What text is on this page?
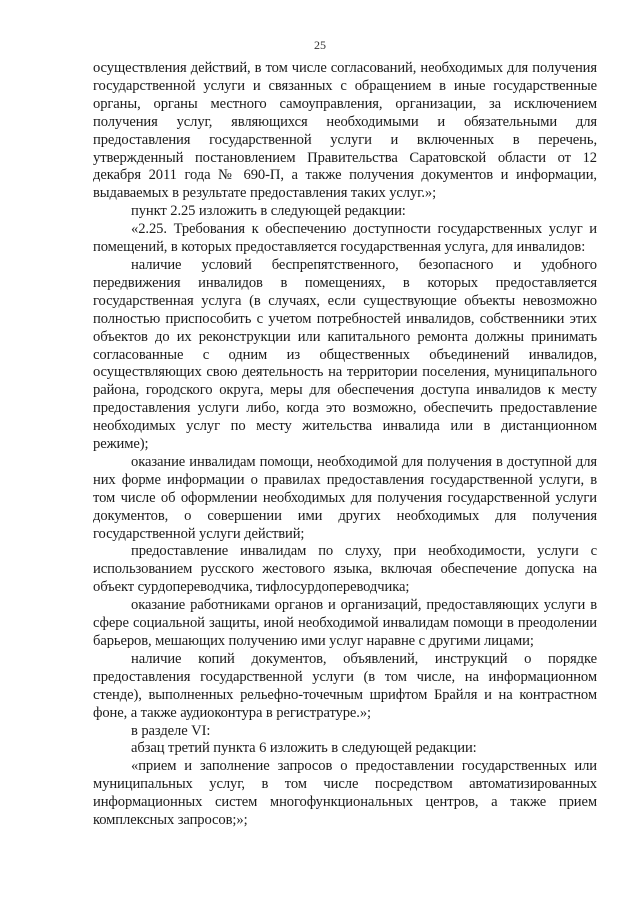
25

осуществления действий, в том числе согласований, необходимых для получения государственной услуги и связанных с обращением в иные государственные органы, органы местного самоуправления, организации, за исключением получения услуг, являющихся необходимыми и обязательными для предоставления государственной услуги и включенных в перечень, утвержденный постановлением Правительства Саратовской области от 12 декабря 2011 года № 690-П, а также получения документов и информации, выдаваемых в результате предоставления таких услуг.»;

пункт 2.25 изложить в следующей редакции:

«2.25. Требования к обеспечению доступности государственных услуг и помещений, в которых предоставляется государственная услуга, для инвалидов:

наличие условий беспрепятственного, безопасного и удобного передвижения инвалидов в помещениях, в которых предоставляется государственная услуга (в случаях, если существующие объекты невозможно полностью приспособить с учетом потребностей инвалидов, собственники этих объектов до их реконструкции или капитального ремонта должны принимать согласованные с одним из общественных объединений инвалидов, осуществляющих свою деятельность на территории поселения, муниципального района, городского округа, меры для обеспечения доступа инвалидов к месту предоставления услуги либо, когда это возможно, обеспечить предоставление необходимых услуг по месту жительства инвалида или в дистанционном режиме);

оказание инвалидам помощи, необходимой для получения в доступной для них форме информации о правилах предоставления государственной услуги, в том числе об оформлении необходимых для получения государственной услуги документов, о совершении ими других необходимых для получения государственной услуги действий;

предоставление инвалидам по слуху, при необходимости, услуги с использованием русского жестового языка, включая обеспечение допуска на объект сурдопереводчика, тифлосурдопереводчика;

оказание работниками органов и организаций, предоставляющих услуги в сфере социальной защиты, иной необходимой инвалидам помощи в преодолении барьеров, мешающих получению ими услуг наравне с другими лицами;

наличие копий документов, объявлений, инструкций о порядке предоставления государственной услуги (в том числе, на информационном стенде), выполненных рельефно-точечным шрифтом Брайля и на контрастном фоне, а также аудиоконтура в регистратуре.»;

в разделе VI:

абзац третий пункта 6 изложить в следующей редакции:

«прием и заполнение запросов о предоставлении государственных или муниципальных услуг, в том числе посредством автоматизированных информационных систем многофункциональных центров, а также прием комплексных запросов;»;
